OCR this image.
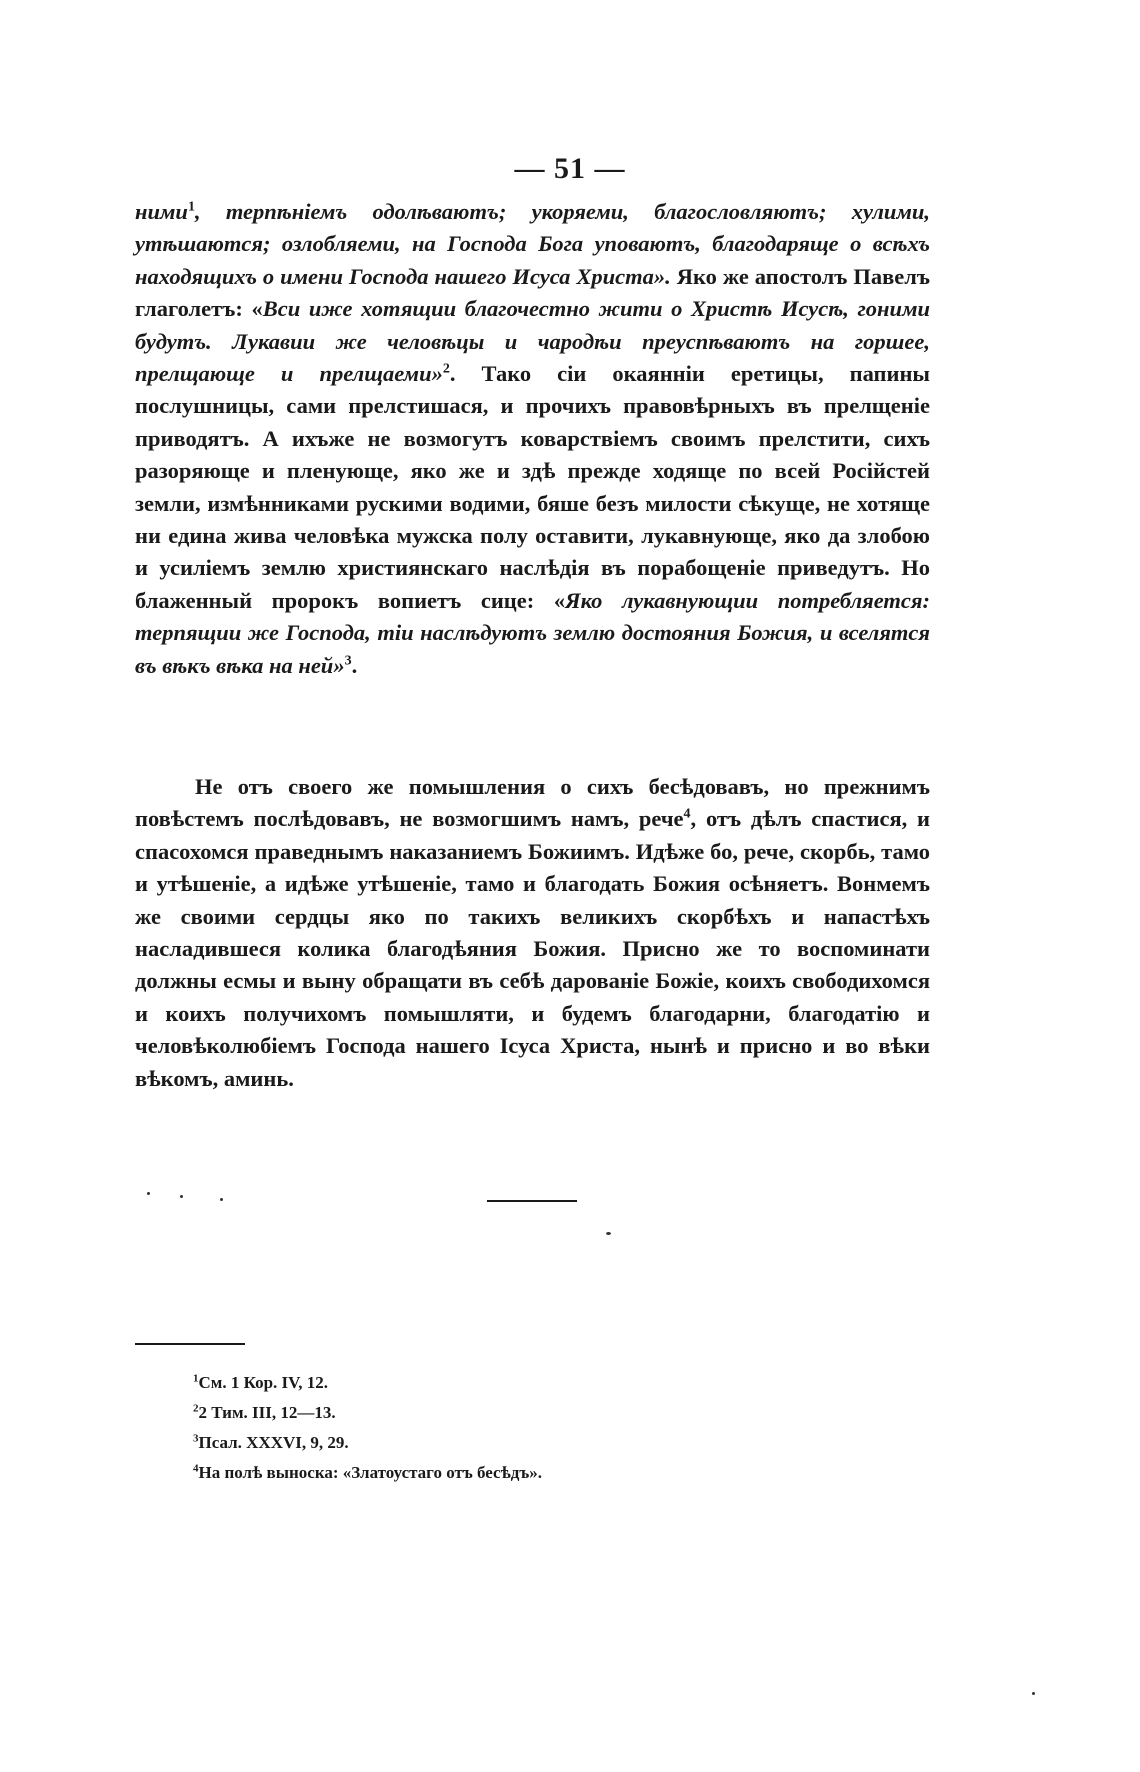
— 51 —

ними$^1$, терпѣнiемъ одолѣваютъ; укоряеми, благословляютъ; хулими, утѣшаются; озлобляеми, на Господа Бога уповаютъ, благодаряще о всѣхъ находящихъ о имени Господа нашего Исуса Христа». Яко же апостолъ Павелъ глаголетъ: «Вси иже хотящии благочестно жити о Христѣ Исусѣ, гоними будутъ. Лукавии же человѣцы и чародѣи преуспѣваютъ на горшее, прелщающе и прелщаеми»$^2$. Тако сiи окаяннiи еретицы, папины послушницы, сами прелстишася, и прочихъ правовѣрныхъ въ прелщенiе приводятъ. А ихъже не возмогутъ коварствiемъ своимъ прелстити, сихъ разоряюще и пленующе, яко же и здѣ прежде ходяще по всей Росiйстей земли, измѣнниками рускими водими, бяше безъ милости сѣкуще, не хотяще ни едина жива человѣка мужска полу оставити, лукавнующе, яко да злобою и усилiемъ землю християнскаго наслѣдiя въ порабощенiе приведутъ. Но блаженный пророкъ вопиетъ сице: «Яко лукавнующии потребляется: терпящии же Господа, тiи наслѣдуютъ землю достояния Божия, и вселятся въ вѣкъ вѣка на ней»$^3$.

Не отъ своего же помышления о сихъ бесѣдовавъ, но прежнимъ повѣстемъ послѣдовавъ, не возмогшимъ намъ, рече$^4$, отъ дѣлъ спастися, и спасохомся праведнымъ наказаниемъ Божиимъ. Идѣже бо, рече, скорбь, тамо и утѣшенiе, а идѣже утѣшенiе, тамо и благодать Божия осѣняетъ. Вонмемъ же своими сердцы яко по такихъ великихъ скорбѣхъ и напастѣхъ насладившеся колика благодѣяния Божия. Присно же то воспоминати должны есмы и выну обращати въ себѣ дарованiе Божiе, коихъ свободихомся и коихъ получихомъ помышляти, и будемъ благодарни, благодатiю и человѣколюбiемъ Господа нашего Iсуса Христа, нынѣ и присно и во вѣки вѣкомъ, аминь.

$^1$См. 1 Кор. IV, 12.
$^2$2 Тим. III, 12—13.
$^3$Псал. XXXVI, 9, 29.
$^4$На полѣ выноска: «Златоустаго отъ бесѣдъ».
